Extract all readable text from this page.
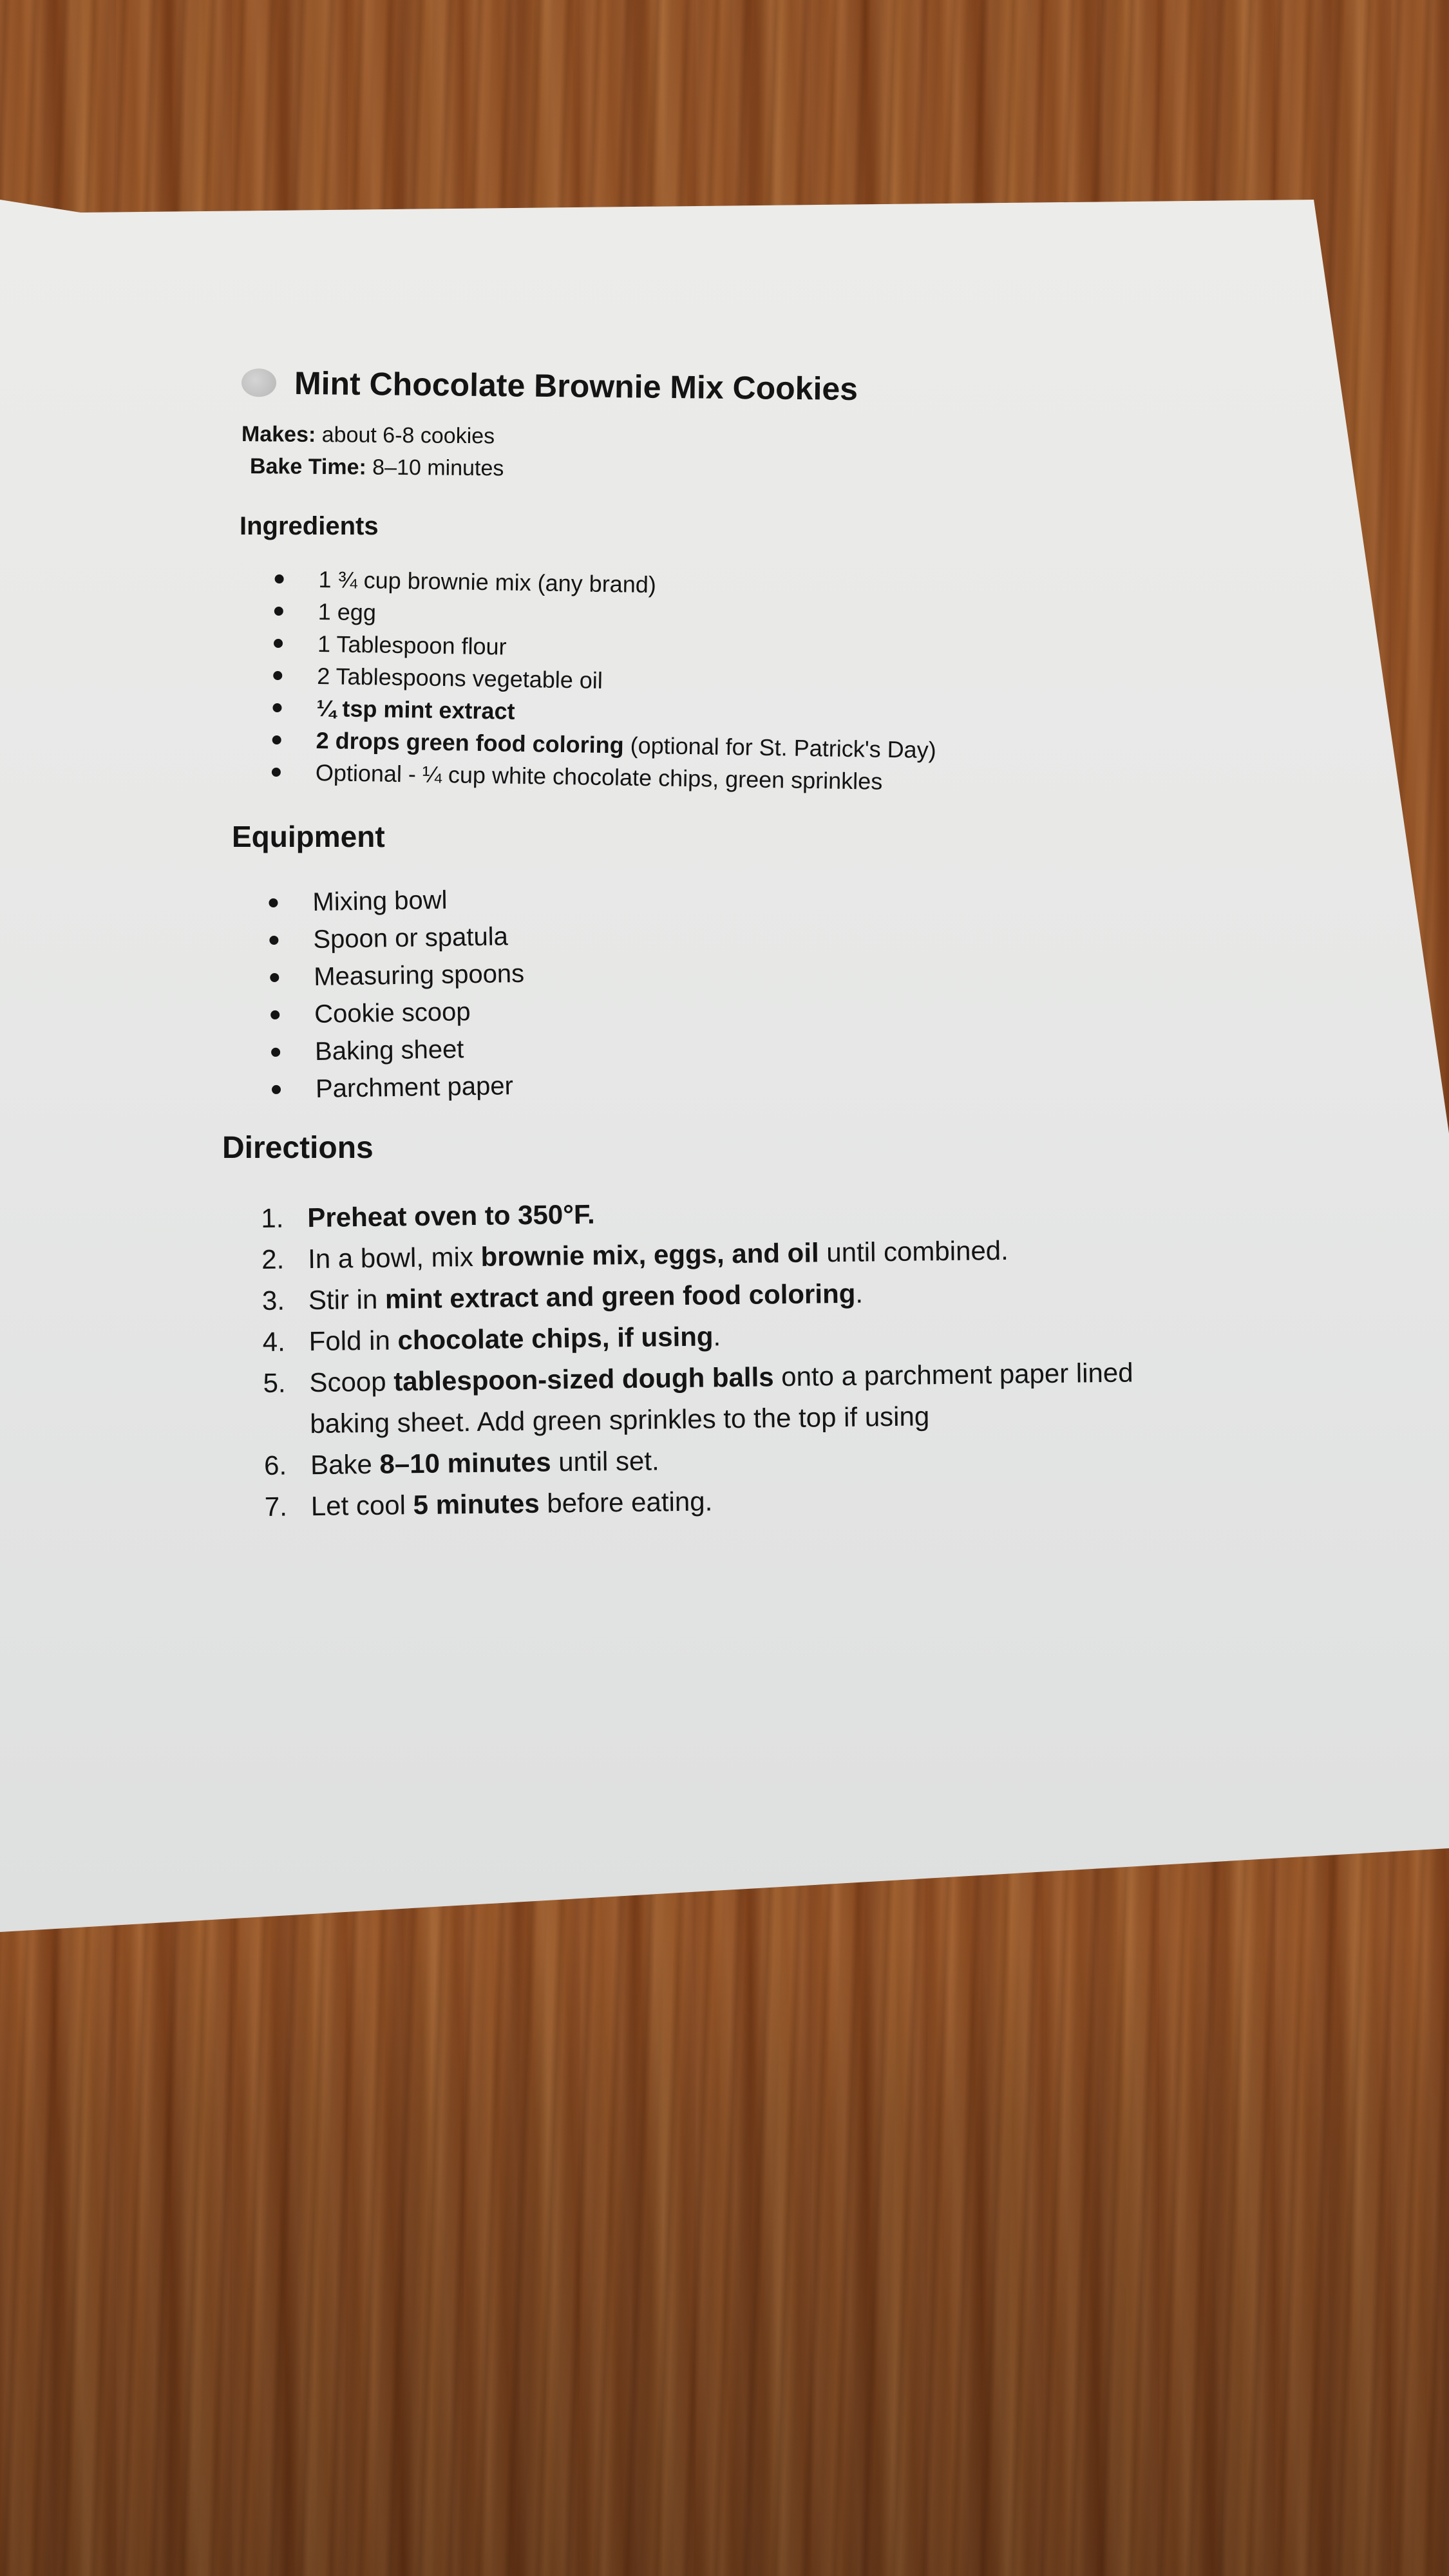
Mint Chocolate Brownie Mix Cookies
Makes: about 6-8 cookies
Bake Time: 8–10 minutes
Ingredients
1 ¾ cup brownie mix (any brand)
1 egg
1 Tablespoon flour
2 Tablespoons vegetable oil
¼ tsp mint extract
2 drops green food coloring (optional for St. Patrick's Day)
Optional - ¼ cup white chocolate chips, green sprinkles
Equipment
Mixing bowl
Spoon or spatula
Measuring spoons
Cookie scoop
Baking sheet
Parchment paper
Directions
1. Preheat oven to 350°F.
2. In a bowl, mix brownie mix, eggs, and oil until combined.
3. Stir in mint extract and green food coloring.
4. Fold in chocolate chips, if using.
5. Scoop tablespoon-sized dough balls onto a parchment paper lined
baking sheet. Add green sprinkles to the top if using
6. Bake 8–10 minutes until set.
7. Let cool 5 minutes before eating.
